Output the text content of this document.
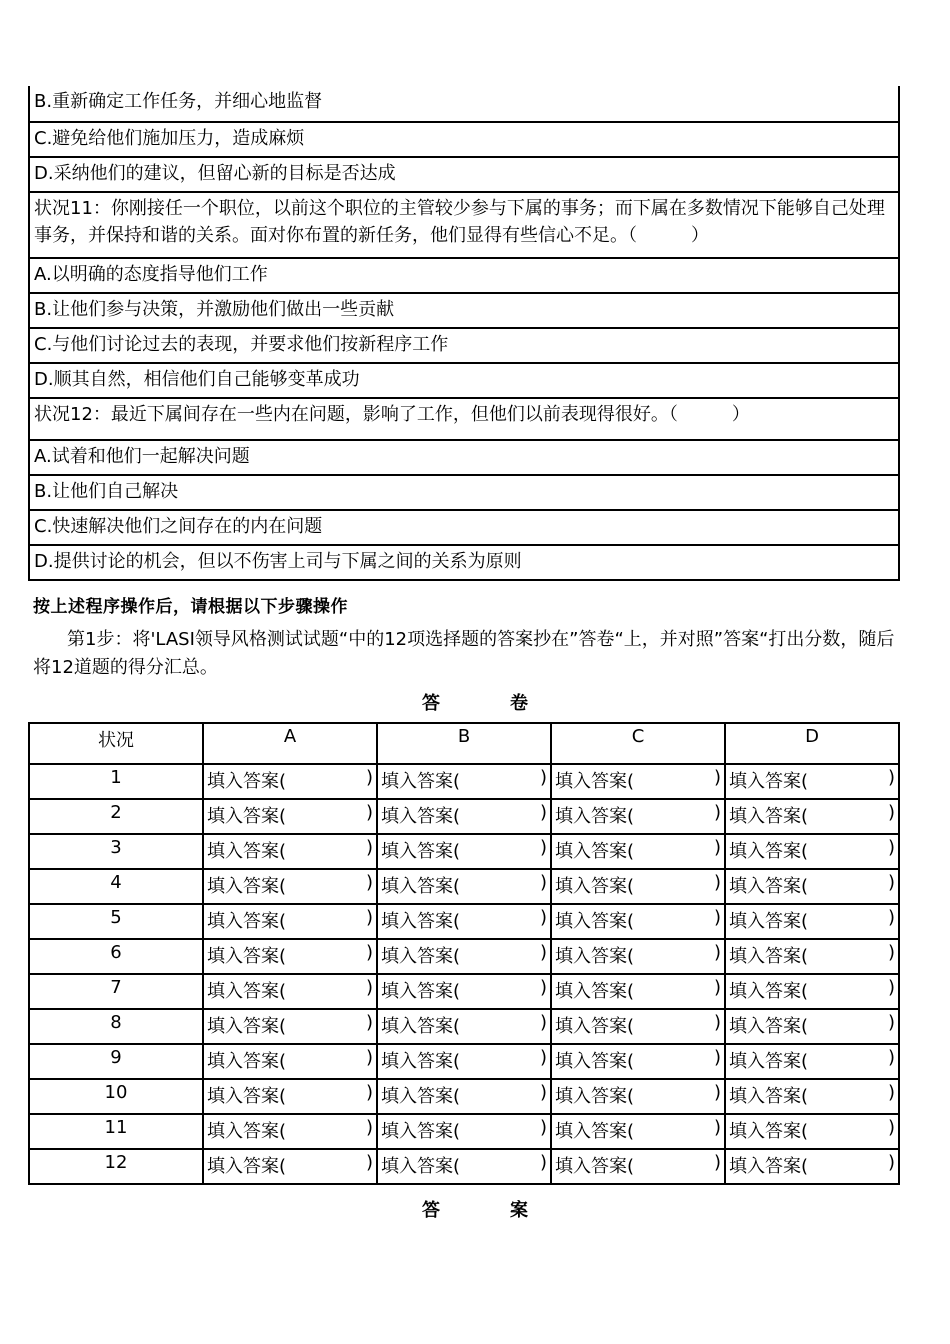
B.重新确定工作任务，并细心地监督
C.避免给他们施加压力，造成麻烦
D.采纳他们的建议，但留心新的目标是否达成
状况11：你刚接任一个职位，以前这个职位的主管较少参与下属的事务；而下属在多数情况下能够自己处理事务，并保持和谐的关系。面对你布置的新任务，他们显得有些信心不足。（　　　）
A.以明确的态度指导他们工作
B.让他们参与决策，并激励他们做出一些贡献
C.与他们讨论过去的表现，并要求他们按新程序工作
D.顺其自然，相信他们自己能够变革成功
状况12：最近下属间存在一些内在问题，影响了工作，但他们以前表现得很好。（　　　）
A.试着和他们一起解决问题
B.让他们自己解决
C.快速解决他们之间存在的内在问题
D.提供讨论的机会，但以不伤害上司与下属之间的关系为原则
按上述程序操作后，请根据以下步骤操作
第1步：将'LASI领导风格测试试题“中的12项选择题的答案抄在”答卷“上，并对照”答案“打出分数，随后将12道题的得分汇总。
答	卷
状况	A	B	C	D
1	填入答案( )	填入答案( )	填入答案( )	填入答案( )

2	填入答案( )	填入答案( )	填入答案( )	填入答案( )

3	填入答案( )	填入答案( )	填入答案( )	填入答案( )

4	填入答案( )	填入答案( )	填入答案( )	填入答案( )

5	填入答案( )	填入答案( )	填入答案( )	填入答案( )

6	填入答案( )	填入答案( )	填入答案( )	填入答案( )

7	填入答案( )	填入答案( )	填入答案( )	填入答案( )

8	填入答案( )	填入答案( )	填入答案( )	填入答案( )

9	填入答案( )	填入答案( )	填入答案( )	填入答案( )

10	填入答案( )	填入答案( )	填入答案( )	填入答案( )

11	填入答案( )	填入答案( )	填入答案( )	填入答案( )

12	填入答案( )	填入答案( )	填入答案( )	填入答案( )
答	案
